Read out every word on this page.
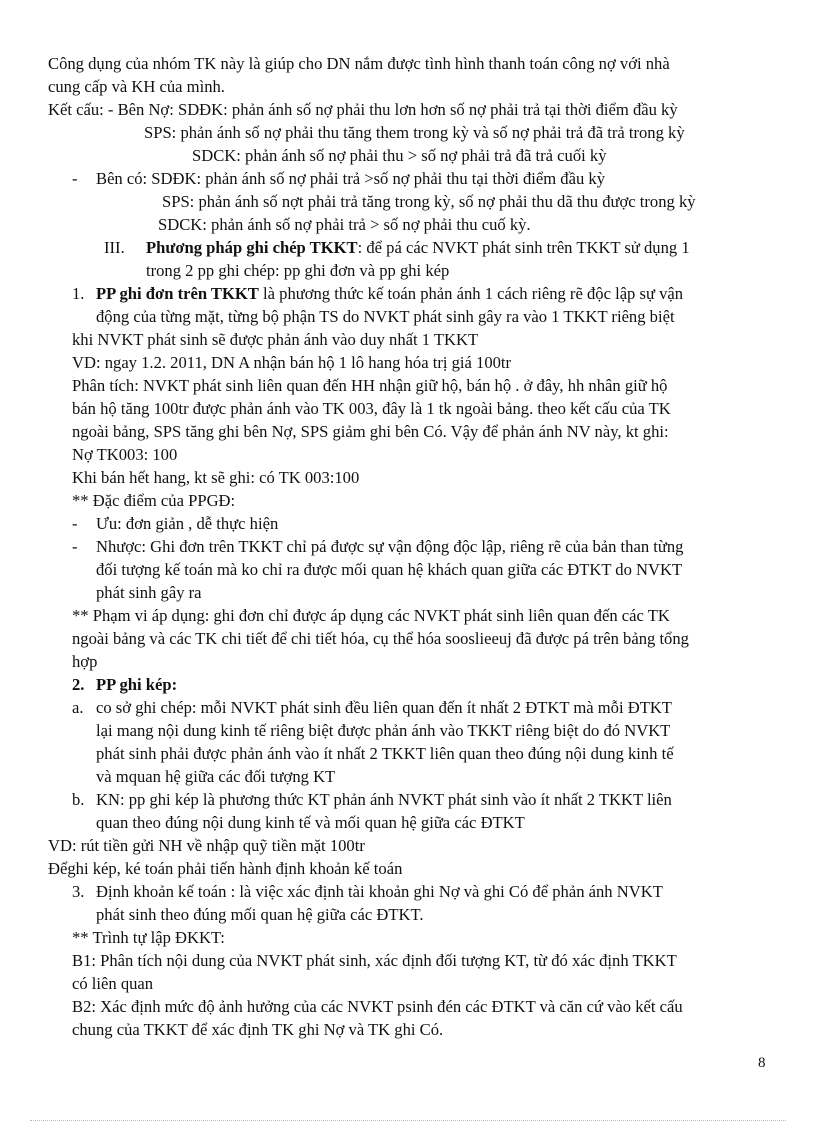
Công dụng của nhóm TK này là giúp cho DN nắm được tình hình thanh toán công nợ với nhà
cung cấp và KH của mình.
Kết cấu: - Bên Nợ: SDĐK: phản ánh số nợ phải thu lơn hơn số nợ phải trả tại thời điểm đầu kỳ
SPS: phản ánh số nợ phải thu tăng them trong kỳ và số nợ phải trả đã trả trong kỳ
SDCK: phản ánh số nợ phải thu > số nợ phải trả đã trả cuối kỳ
- Bên có: SDĐK: phản ánh số nợ phải trả >số nợ phải thu tại thời điểm đầu kỳ
SPS: phản ánh số nợt phải trả tăng trong kỳ, số nợ phải thu dã thu được trong kỳ
SDCK: phản ánh số nợ phải trả > số nợ phải thu cuố kỳ.
III. Phương pháp ghi chép TKKT: để pá các NVKT phát sinh trên TKKT sử dụng 1
trong 2 pp ghi chép: pp ghi đơn và pp ghi kép
1. PP ghi đơn trên TKKT là phương thức kế toán phản ánh 1 cách riêng rẽ độc lập sự vận
động của từng mặt, từng bộ phận TS do NVKT phát sinh gây ra vào 1 TKKT riêng biệt
khi NVKT phát sinh sẽ được phản ánh vào duy nhất 1 TKKT
VD: ngay 1.2. 2011, DN A nhận bán hộ 1 lô hang hóa trị giá 100tr
Phân tích: NVKT phát sinh liên quan đến HH nhận giữ hộ, bán hộ . ở đây, hh nhân giữ hộ
bán hộ tăng 100tr được phản ánh vào TK 003, đây là 1 tk ngoài bảng. theo kết cấu của TK
ngoài bảng, SPS tăng ghi bên Nợ, SPS giảm ghi bên Có. Vậy để phản ánh NV này, kt ghi:
Nợ TK003: 100
Khi bán hết hang, kt sẽ ghi: có TK 003:100
** Đặc điểm của PPGĐ:
- Ưu: đơn giản , dễ thực hiện
- Nhược: Ghi đơn trên TKKT chỉ pá được sự vận động độc lập, riêng rẽ của bản than từng
đối tượng kế toán mà ko chỉ ra được mối quan hệ khách quan giữa các ĐTKT do NVKT
phát sinh gây ra
** Phạm vi áp dụng: ghi đơn chỉ được áp dụng các NVKT phát sinh liên quan đến các TK
ngoài bảng và các TK chi tiết để chi tiết hóa, cụ thể hóa sooslieeuj đã được pá trên bảng tổng
hợp
2. PP ghi kép:
a. co sở ghi chép: mỗi NVKT phát sinh đều liên quan đến ít nhất 2 ĐTKT mà mỗi ĐTKT
lại mang nội dung kinh tế riêng biệt được phản ánh vào TKKT riêng biệt do đó NVKT
phát sinh phải được phản ánh vào ít nhất 2 TKKT liên quan theo đúng nội dung kinh tế
và mquan hệ giữa các đối tượng KT
b. KN: pp ghi kép là phương thức KT phản ánh NVKT phát sinh vào ít nhất 2 TKKT liên
quan theo đúng nội dung kinh tế và mối quan hệ giữa các ĐTKT
VD: rút tiền gửi NH về nhập quỹ tiền mặt 100tr
Đểghi kép, ké toán phải tiến hành định khoản kế toán
3. Định khoản kế toán : là việc xác định tài khoản ghi Nợ và ghi Có để phản ánh NVKT
phát sinh theo đúng mối quan hệ giữa các ĐTKT.
** Trình tự lập ĐKKT:
B1: Phân tích nội dung của NVKT phát sinh, xác định đối tượng KT, từ đó xác định TKKT
có liên quan
B2: Xác định mức độ ảnh hưởng của các NVKT psinh đén các ĐTKT và căn cứ vào kết cấu
chung của TKKT để xác định TK ghi Nợ và TK ghi Có.
8
